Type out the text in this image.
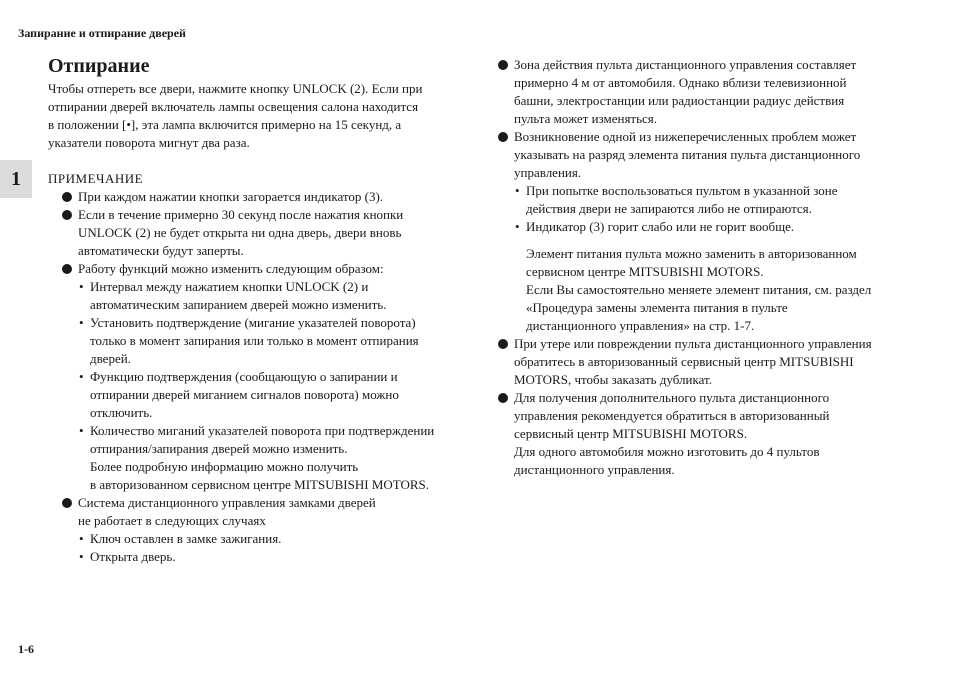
Запирание и отпирание дверей
1
Отпирание
Чтобы отпереть все двери, нажмите кнопку UNLOCK (2). Если при
отпирании дверей включатель лампы освещения салона находится
в положении [•], эта лампа включится примерно на 15 секунд, а
указатели поворота мигнут два раза.
ПРИМЕЧАНИЕ
При каждом нажатии кнопки загорается индикатор (3).
Если в течение примерно 30 секунд после нажатия кнопки
UNLOCK (2) не будет открыта ни одна дверь, двери вновь
автоматически будут заперты.
Работу функций можно изменить следующим образом:
• Интервал между нажатием кнопки UNLOCK (2) и
автоматическим запиранием дверей можно изменить.
• Установить подтверждение (мигание указателей поворота)
только в момент запирания или только в момент отпирания
дверей.
• Функцию подтверждения (сообщающую о запирании и
отпирании дверей миганием сигналов поворота) можно
отключить.
• Количество миганий указателей поворота при подтверждении
отпирания/запирания дверей можно изменить.
Более подробную информацию можно получить
в авторизованном сервисном центре MITSUBISHI MOTORS.
Система дистанционного управления замками дверей
не работает в следующих случаях
• Ключ оставлен в замке зажигания.
• Открыта дверь.
Зона действия пульта дистанционного управления составляет
примерно 4 м от автомобиля. Однако вблизи телевизионной
башни, электростанции или радиостанции радиус действия
пульта может изменяться.
Возникновение одной из нижеперечисленных проблем может
указывать на разряд элемента питания пульта дистанционного
управления.
• При попытке воспользоваться пультом в указанной зоне
действия двери не запираются либо не отпираются.
• Индикатор (3) горит слабо или не горит вообще.
Элемент питания пульта можно заменить в авторизованном
сервисном центре MITSUBISHI MOTORS.
Если Вы самостоятельно меняете элемент питания, см. раздел
«Процедура замены элемента питания в пульте
дистанционного управления» на стр. 1-7.
При утере или повреждении пульта дистанционного управления
обратитесь в авторизованный сервисный центр MITSUBISHI
MOTORS, чтобы заказать дубликат.
Для получения дополнительного пульта дистанционного
управления рекомендуется обратиться в авторизованный
сервисный центр MITSUBISHI MOTORS.
Для одного автомобиля можно изготовить до 4 пультов
дистанционного управления.
1-6
